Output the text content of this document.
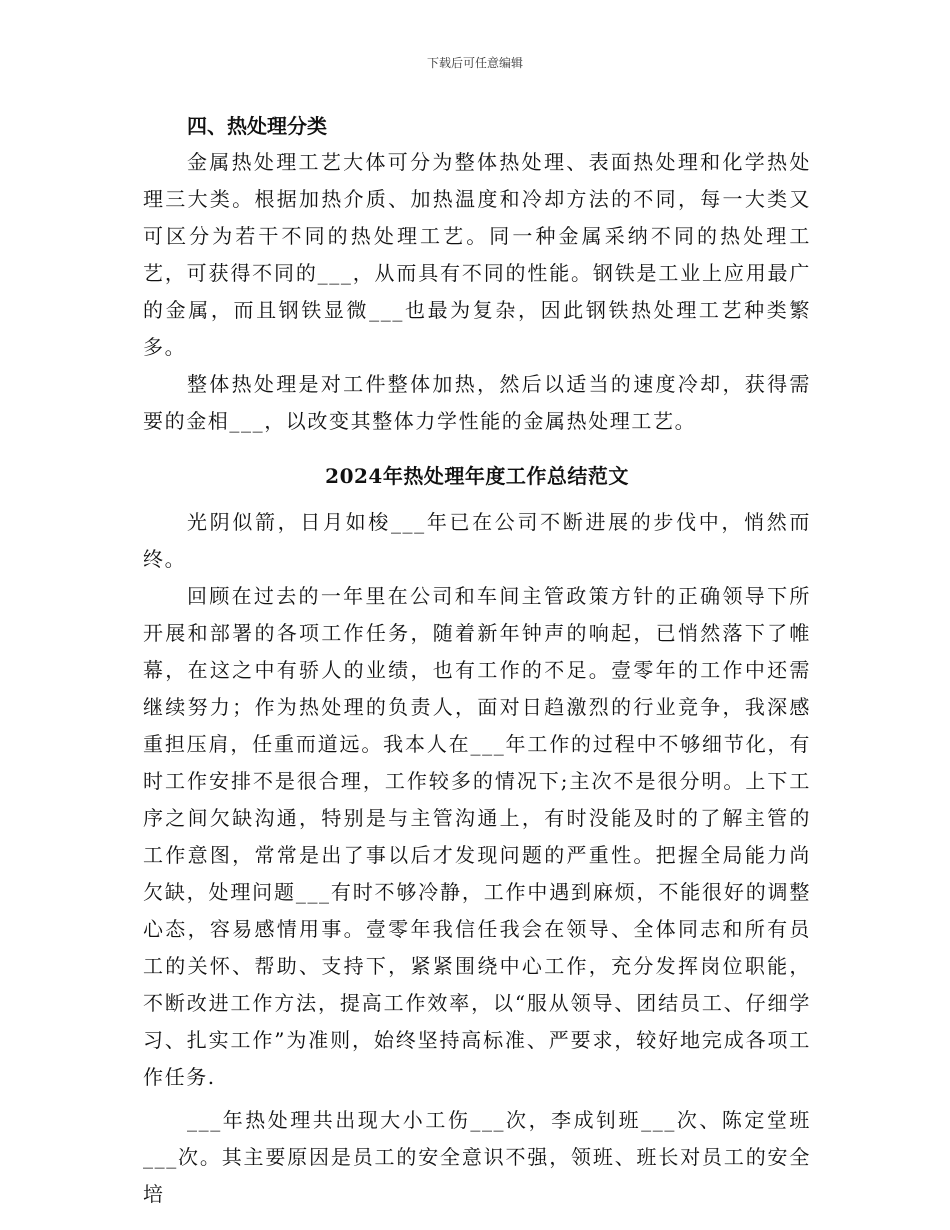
下载后可任意编辑
四、热处理分类

金属热处理工艺大体可分为整体热处理、表面热处理和化学热处理三大类。根据加热介质、加热温度和冷却方法的不同，每一大类又可区分为若干不同的热处理工艺。同一种金属采纳不同的热处理工艺，可获得不同的___，从而具有不同的性能。钢铁是工业上应用最广的金属，而且钢铁显微___也最为复杂，因此钢铁热处理工艺种类繁多。

整体热处理是对工件整体加热，然后以适当的速度冷却，获得需要的金相___，以改变其整体力学性能的金属热处理工艺。

2024年热处理年度工作总结范文

光阴似箭，日月如梭___年已在公司不断进展的步伐中，悄然而终。

回顾在过去的一年里在公司和车间主管政策方针的正确领导下所开展和部署的各项工作任务，随着新年钟声的响起，已悄然落下了帷幕，在这之中有骄人的业绩，也有工作的不足。壹零年的工作中还需继续努力；作为热处理的负责人，面对日趋激烈的行业竞争，我深感重担压肩，任重而道远。我本人在___年工作的过程中不够细节化，有时工作安排不是很合理，工作较多的情况下;主次不是很分明。上下工序之间欠缺沟通，特别是与主管沟通上，有时没能及时的了解主管的工作意图，常常是出了事以后才发现问题的严重性。把握全局能力尚欠缺，处理问题___有时不够冷静，工作中遇到麻烦，不能很好的调整心态，容易感情用事。壹零年我信任我会在领导、全体同志和所有员工的关怀、帮助、支持下，紧紧围绕中心工作，充分发挥岗位职能，不断改进工作方法，提高工作效率，以“服从领导、团结员工、仔细学习、扎实工作”为准则，始终坚持高标准、严要求，较好地完成各项工作任务.

___年热处理共出现大小工伤___次，李成钊班___次、陈定堂班___次。其主要原因是员工的安全意识不强，领班、班长对员工的安全培
